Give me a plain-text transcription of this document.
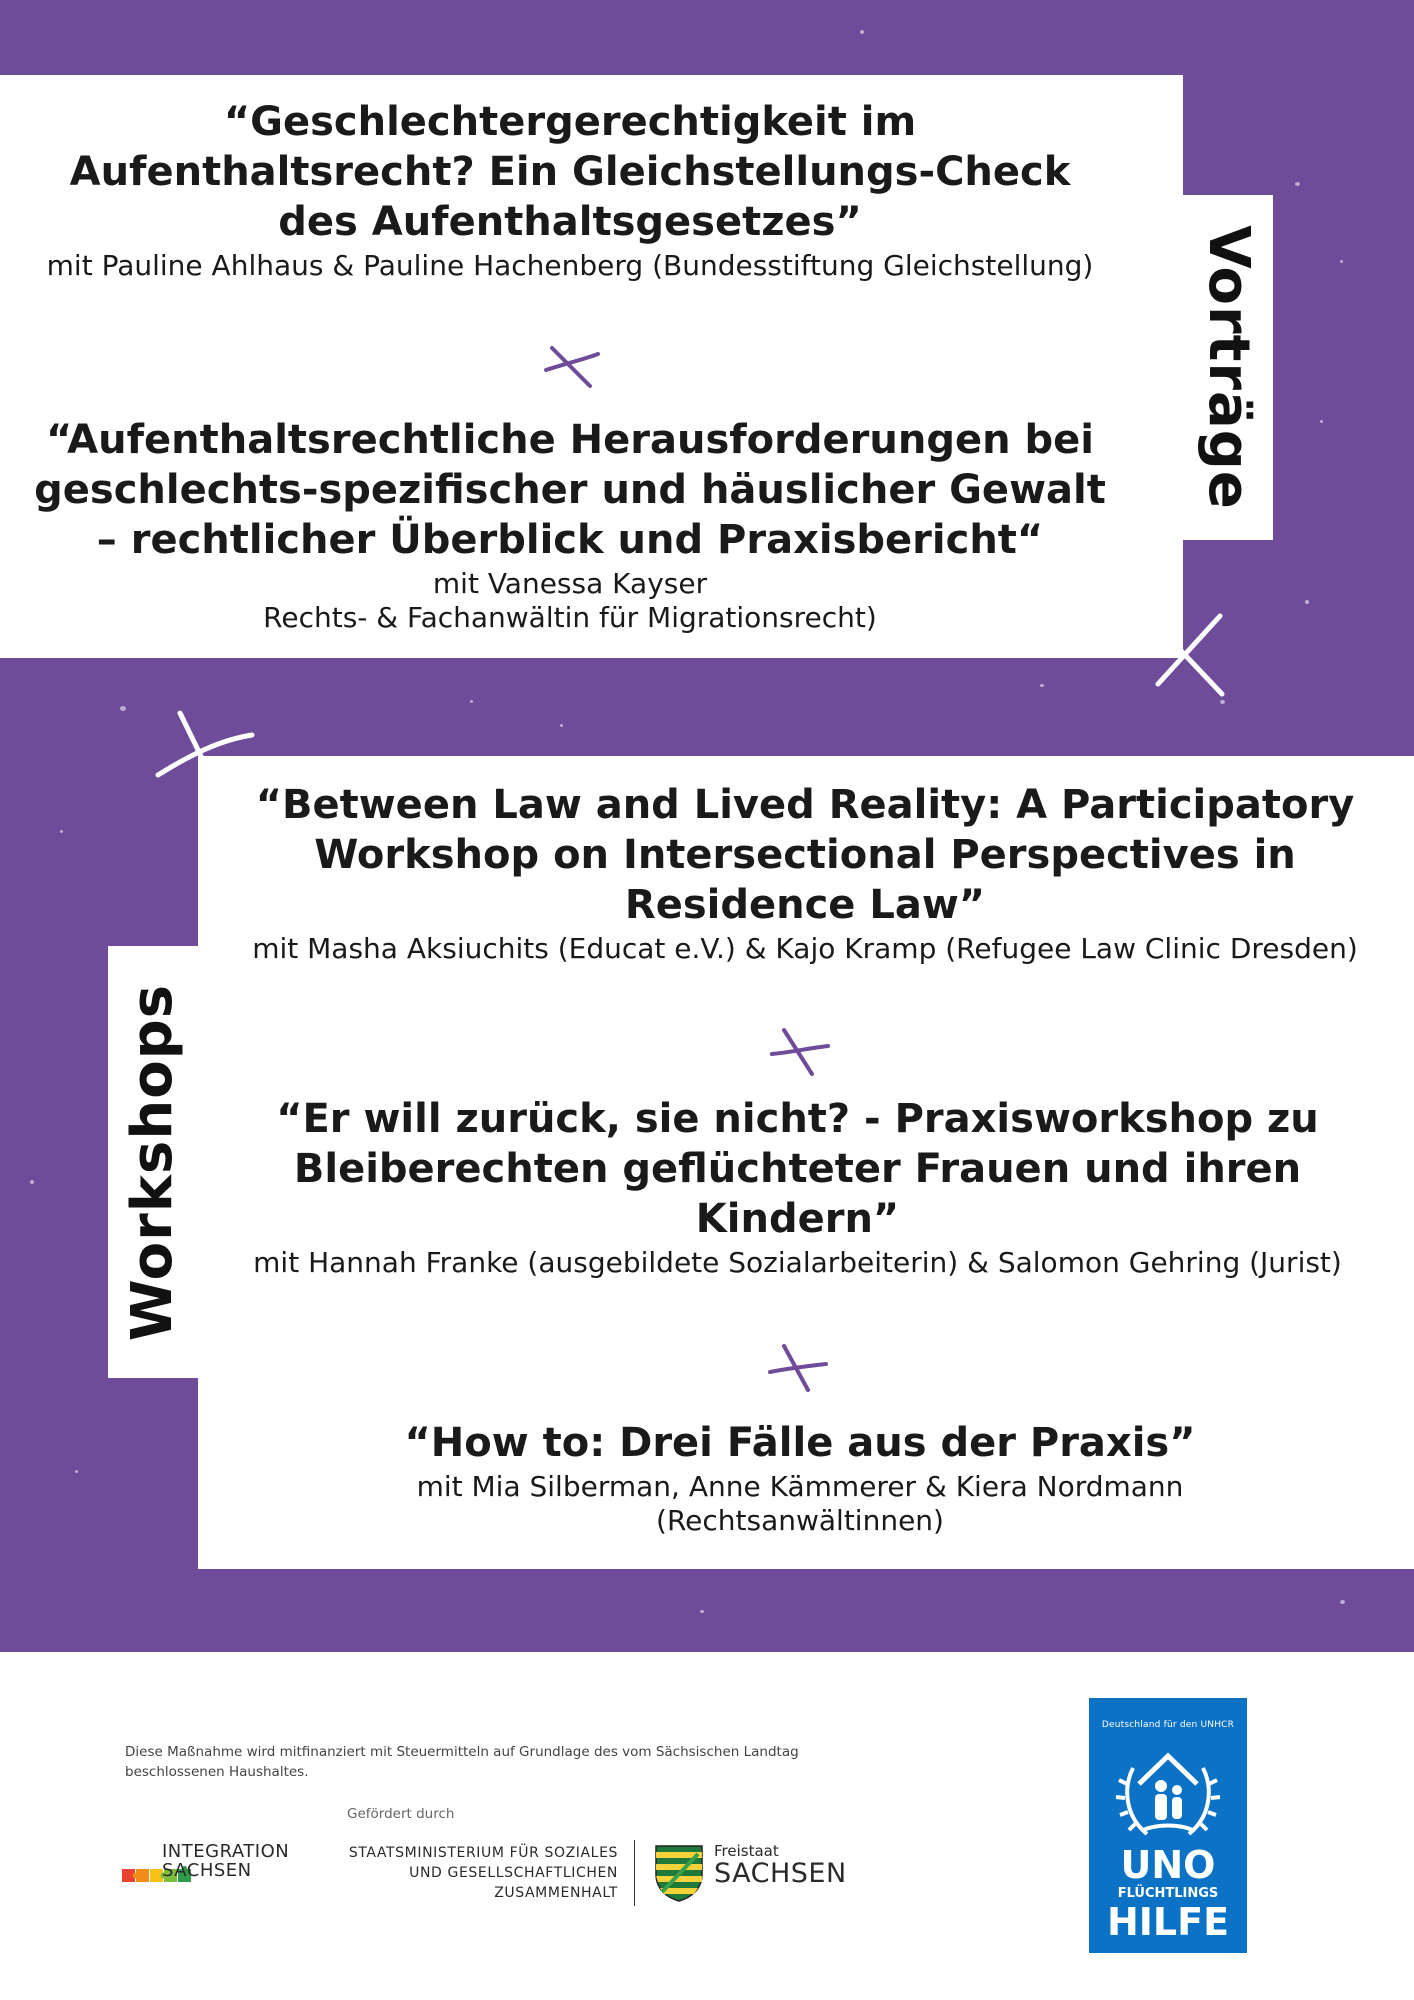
Vorträge
“Geschlechtergerechtigkeit im Aufenthaltsrecht? Ein Gleichstellungs-Check des Aufenthaltsgesetzes”
mit Pauline Ahlhaus & Pauline Hachenberg (Bundesstiftung Gleichstellung)
“Aufenthaltsrechtliche Herausforderungen bei geschlechts-spezifischer und häuslicher Gewalt – rechtlicher Überblick und Praxisbericht“
mit Vanessa Kayser
Rechts- & Fachanwältin für Migrationsrecht)
Workshops
“Between Law and Lived Reality: A Participatory Workshop on Intersectional Perspectives in Residence Law”
mit Masha Aksiuchits (Educat e.V.) & Kajo Kramp (Refugee Law Clinic Dresden)
“Er will zurück, sie nicht? - Praxisworkshop zu Bleiberechten geflüchteter Frauen und ihren Kindern”
mit Hannah Franke (ausgebildete Sozialarbeiterin) & Salomon Gehring (Jurist)
“How to: Drei Fälle aus der Praxis”
mit Mia Silberman, Anne Kämmerer & Kiera Nordmann (Rechtsanwältinnen)
Diese Maßnahme wird mitfinanziert mit Steuermitteln auf Grundlage des vom Sächsischen Landtag beschlossenen Haushaltes.
Gefördert durch
INTEGRATION
SACHSEN
STAATSMINISTERIUM FÜR SOZIALES
UND GESELLSCHAFTLICHEN
ZUSAMMENHALT
Freistaat
SACHSEN
Deutschland für den UNHCR
UNO
FLÜCHTLINGS
HILFE
